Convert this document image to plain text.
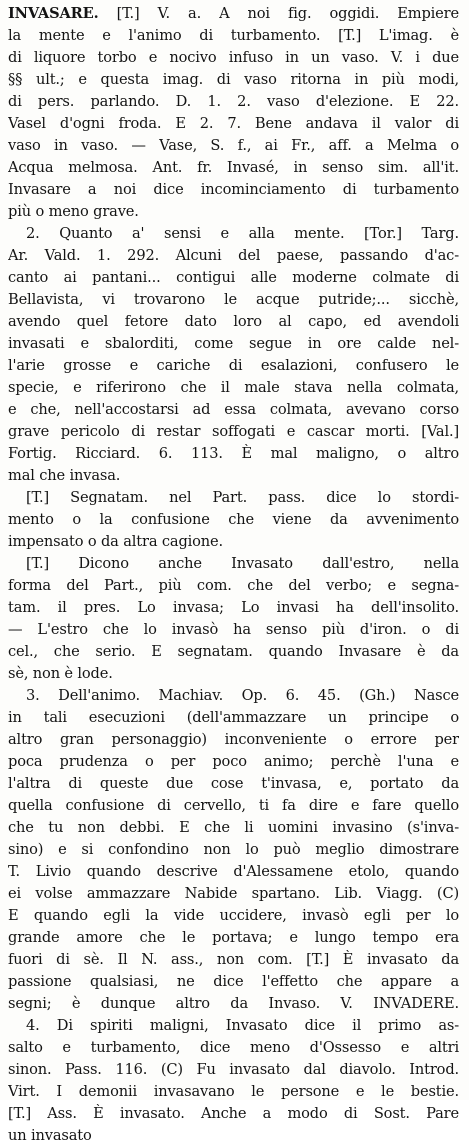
INVASARE. [T.] V. a. A noi fig. oggidi. Empiere
la mente e l'animo di turbamento. [T.] L'imag. è
di liquore torbo e nocivo infuso in un vaso. V. i due
§§ ult.; e questa imag. di vaso ritorna in più modi,
di pers. parlando. D. 1. 2. vaso d'elezione. E 22.
Vasel d'ogni froda. E 2. 7. Bene andava il valor di
vaso in vaso. — Vase, S. f., ai Fr., aff. a Melma o
Acqua melmosa. Ant. fr. Invasé, in senso sim. all'it.
Invasare a noi dice incominciamento di turbamento
più o meno grave.
2. Quanto a' sensi e alla mente. [Tor.] Targ.
Ar. Vald. 1. 292. Alcuni del paese, passando d'ac-
canto ai pantani... contigui alle moderne colmate di
Bellavista, vi trovarono le acque putride;... sicchè,
avendo quel fetore dato loro al capo, ed avendoli
invasati e sbalorditi, come segue in ore calde nel-
l'arie grosse e cariche di esalazioni, confusero le
specie, e riferirono che il male stava nella colmata,
e che, nell'accostarsi ad essa colmata, avevano corso
grave pericolo di restar soffogati e cascar morti. [Val.]
Fortig. Ricciard. 6. 113. È mal maligno, o altro
mal che invasa.
[T.] Segnatam. nel Part. pass. dice lo stordi-
mento o la confusione che viene da avvenimento
impensato o da altra cagione.
[T.] Dicono anche Invasato dall'estro, nella
forma del Part., più com. che del verbo; e segna-
tam. il pres. Lo invasa; Lo invasi ha dell'insolito.
— L'estro che lo invasò ha senso più d'iron. o di
cel., che serio. E segnatam. quando Invasare è da
sè, non è lode.
3. Dell'animo. Machiav. Op. 6. 45. (Gh.) Nasce
in tali esecuzioni (dell'ammazzare un principe o
altro gran personaggio) inconveniente o errore per
poca prudenza o per poco animo; perchè l'una e
l'altra di queste due cose t'invasa, e, portato da
quella confusione di cervello, ti fa dire e fare quello
che tu non debbi. E che li uomini invasino (s'inva-
sino) e si confondino non lo può meglio dimostrare
T. Livio quando descrive d'Alessamene etolo, quando
ei volse ammazzare Nabide spartano. Lib. Viagg. (C)
E quando egli la vide uccidere, invasò egli per lo
grande amore che le portava; e lungo tempo era
fuori di sè. Il N. ass., non com. [T.] È invasato da
passione qualsiasi, ne dice l'effetto che appare a
segni; è dunque altro da Invaso. V. INVADERE.
4. Di spiriti maligni, Invasato dice il primo as-
salto e turbamento, dice meno d'Ossesso e altri
sinon. Pass. 116. (C) Fu invasato dal diavolo. Introd.
Virt. I demonii invasavano le persone e le bestie.
[T.] Ass. È invasato. Anche a modo di Sost. Pare
un invasato
